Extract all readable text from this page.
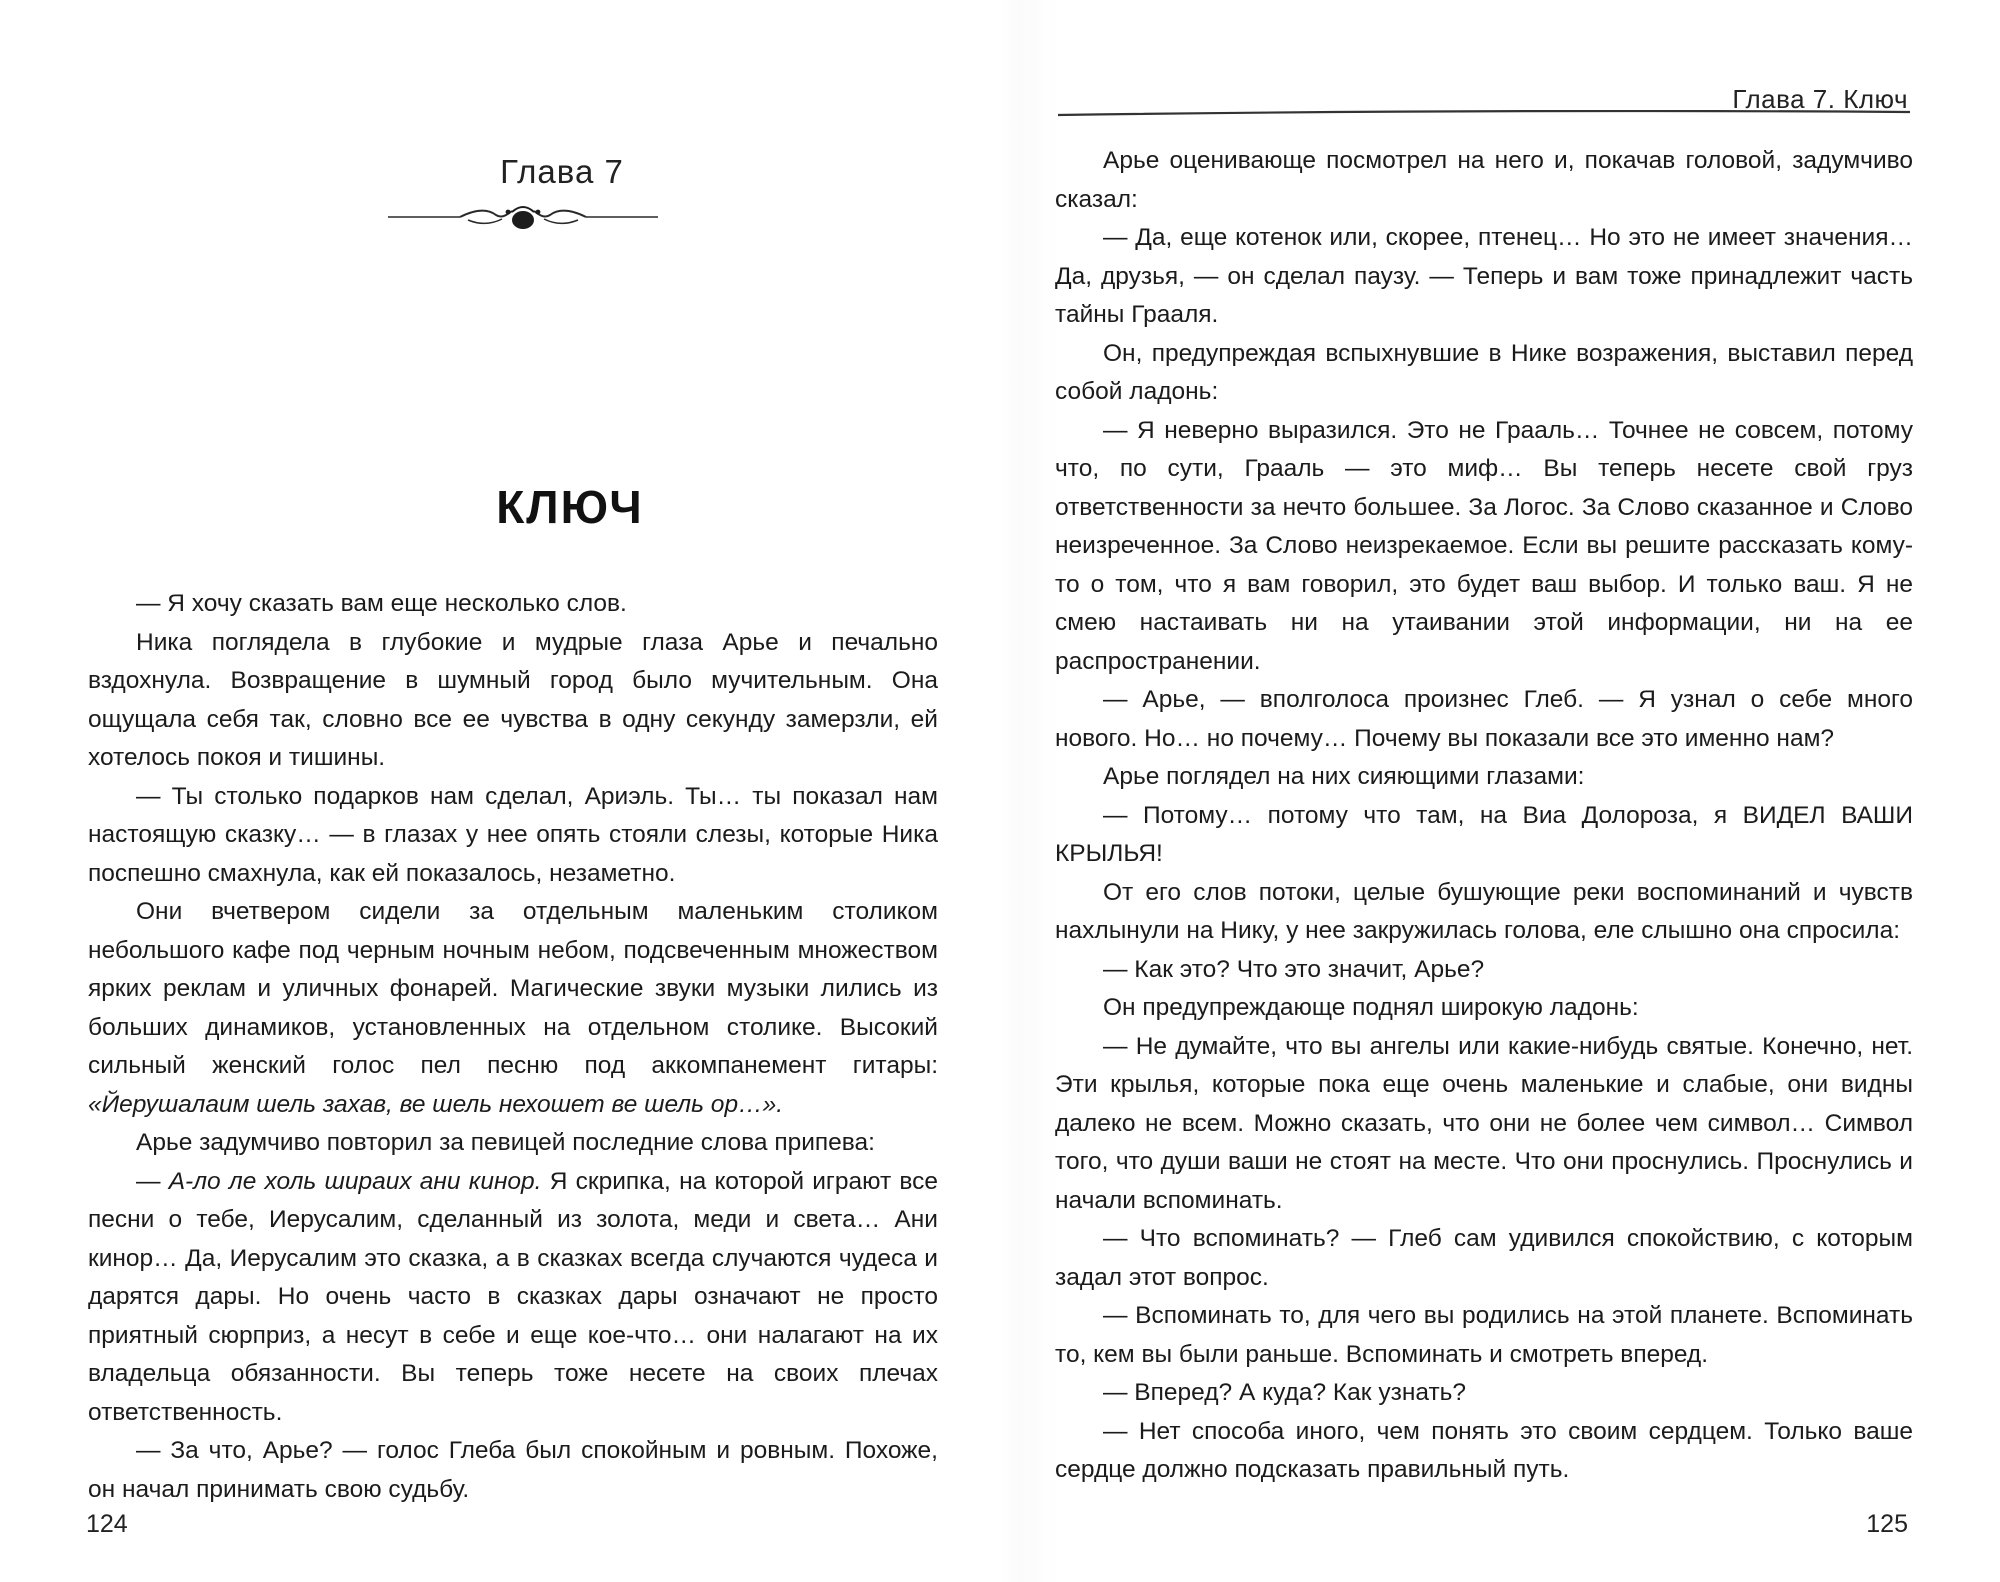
Глава 7
КЛЮЧ

— Я хочу сказать вам еще несколько слов.

Ника поглядела в глубокие и мудрые глаза Арье и печально вздохнула. Возвращение в шумный город было мучительным. Она ощущала себя так, словно все ее чувства в одну секунду замерзли, ей хотелось покоя и тишины.

— Ты столько подарков нам сделал, Ариэль. Ты… ты показал нам настоящую сказку… — в глазах у нее опять стояли слезы, которые Ника поспешно смахнула, как ей показалось, незаметно.

Они вчетвером сидели за отдельным маленьким столиком небольшого кафе под черным ночным небом, подсвеченным множеством ярких реклам и уличных фонарей. Магические звуки музыки лились из больших динамиков, установленных на отдельном столике. Высокий сильный женский голос пел песню под аккомпанемент гитары: «Йерушалаим шель захав, ве шель нехошет ве шель ор…».

Арье задумчиво повторил за певицей последние слова припева:

— А-ло ле холь шираих ани кинор. Я скрипка, на которой играют все песни о тебе, Иерусалим, сделанный из золота, меди и света… Ани кинор… Да, Иерусалим это сказка, а в сказках всегда случаются чудеса и дарятся дары. Но очень часто в сказках дары означают не просто приятный сюрприз, а несут в себе и еще кое-что… они налагают на их владельца обязанности. Вы теперь тоже несете на своих плечах ответственность.

— За что, Арье? — голос Глеба был спокойным и ровным. Похоже, он начал принимать свою судьбу.

124
Глава 7. Ключ

Арье оценивающе посмотрел на него и, покачав головой, задумчиво сказал:

— Да, еще котенок или, скорее, птенец… Но это не имеет значения… Да, друзья, — он сделал паузу. — Теперь и вам тоже принадлежит часть тайны Грааля.

Он, предупреждая вспыхнувшие в Нике возражения, выставил перед собой ладонь:

— Я неверно выразился. Это не Грааль… Точнее не совсем, потому что, по сути, Грааль — это миф… Вы теперь несете свой груз ответственности за нечто большее. За Логос. За Слово сказанное и Слово неизреченное. За Слово неизрекаемое. Если вы решите рассказать кому-то о том, что я вам говорил, это будет ваш выбор. И только ваш. Я не смею настаивать ни на утаивании этой информации, ни на ее распространении.

— Арье, — вполголоса произнес Глеб. — Я узнал о себе много нового. Но… но почему… Почему вы показали все это именно нам?

Арье поглядел на них сияющими глазами:

— Потому… потому что там, на Виа Долороза, я ВИДЕЛ ВАШИ КРЫЛЬЯ!

От его слов потоки, целые бушующие реки воспоминаний и чувств нахлынули на Нику, у нее закружилась голова, еле слышно она спросила:

— Как это? Что это значит, Арье?

Он предупреждающе поднял широкую ладонь:

— Не думайте, что вы ангелы или какие-нибудь святые. Конечно, нет. Эти крылья, которые пока еще очень маленькие и слабые, они видны далеко не всем. Можно сказать, что они не более чем символ… Символ того, что души ваши не стоят на месте. Что они проснулись. Проснулись и начали вспоминать.

— Что вспоминать? — Глеб сам удивился спокойствию, с которым задал этот вопрос.

— Вспоминать то, для чего вы родились на этой планете. Вспоминать то, кем вы были раньше. Вспоминать и смотреть вперед.

— Вперед? А куда? Как узнать?

— Нет способа иного, чем понять это своим сердцем. Только ваше сердце должно подсказать правильный путь.

125
